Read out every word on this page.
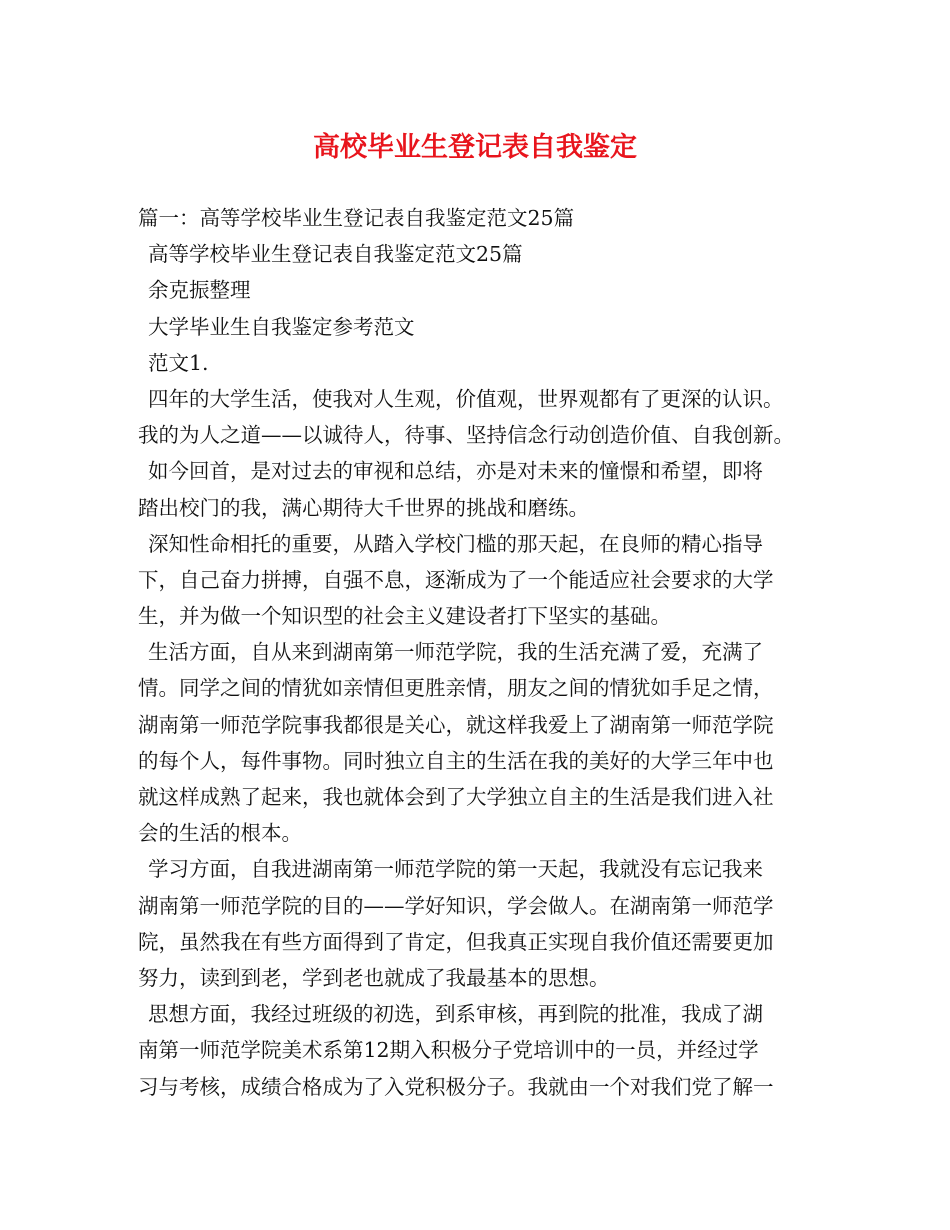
高校毕业生登记表自我鉴定
篇一：高等学校毕业生登记表自我鉴定范文25篇
高等学校毕业生登记表自我鉴定范文25篇
余克振整理
大学毕业生自我鉴定参考范文
范文1.
四年的大学生活，使我对人生观，价值观，世界观都有了更深的认识。
我的为人之道——以诚待人，待事、坚持信念行动创造价值、自我创新。
如今回首，是对过去的审视和总结，亦是对未来的憧憬和希望，即将
踏出校门的我，满心期待大千世界的挑战和磨练。
深知性命相托的重要，从踏入学校门槛的那天起，在良师的精心指导
下，自己奋力拼搏，自强不息，逐渐成为了一个能适应社会要求的大学
生，并为做一个知识型的社会主义建设者打下坚实的基础。
生活方面，自从来到湖南第一师范学院，我的生活充满了爱，充满了
情。同学之间的情犹如亲情但更胜亲情，朋友之间的情犹如手足之情，
湖南第一师范学院事我都很是关心，就这样我爱上了湖南第一师范学院
的每个人，每件事物。同时独立自主的生活在我的美好的大学三年中也
就这样成熟了起来，我也就体会到了大学独立自主的生活是我们进入社
会的生活的根本。
学习方面，自我进湖南第一师范学院的第一天起，我就没有忘记我来
湖南第一师范学院的目的——学好知识，学会做人。在湖南第一师范学
院，虽然我在有些方面得到了肯定，但我真正实现自我价值还需要更加
努力，读到到老，学到老也就成了我最基本的思想。
思想方面，我经过班级的初选，到系审核，再到院的批准，我成了湖
南第一师范学院美术系第12期入积极分子党培训中的一员，并经过学
习与考核，成绩合格成为了入党积极分子。我就由一个对我们党了解一
